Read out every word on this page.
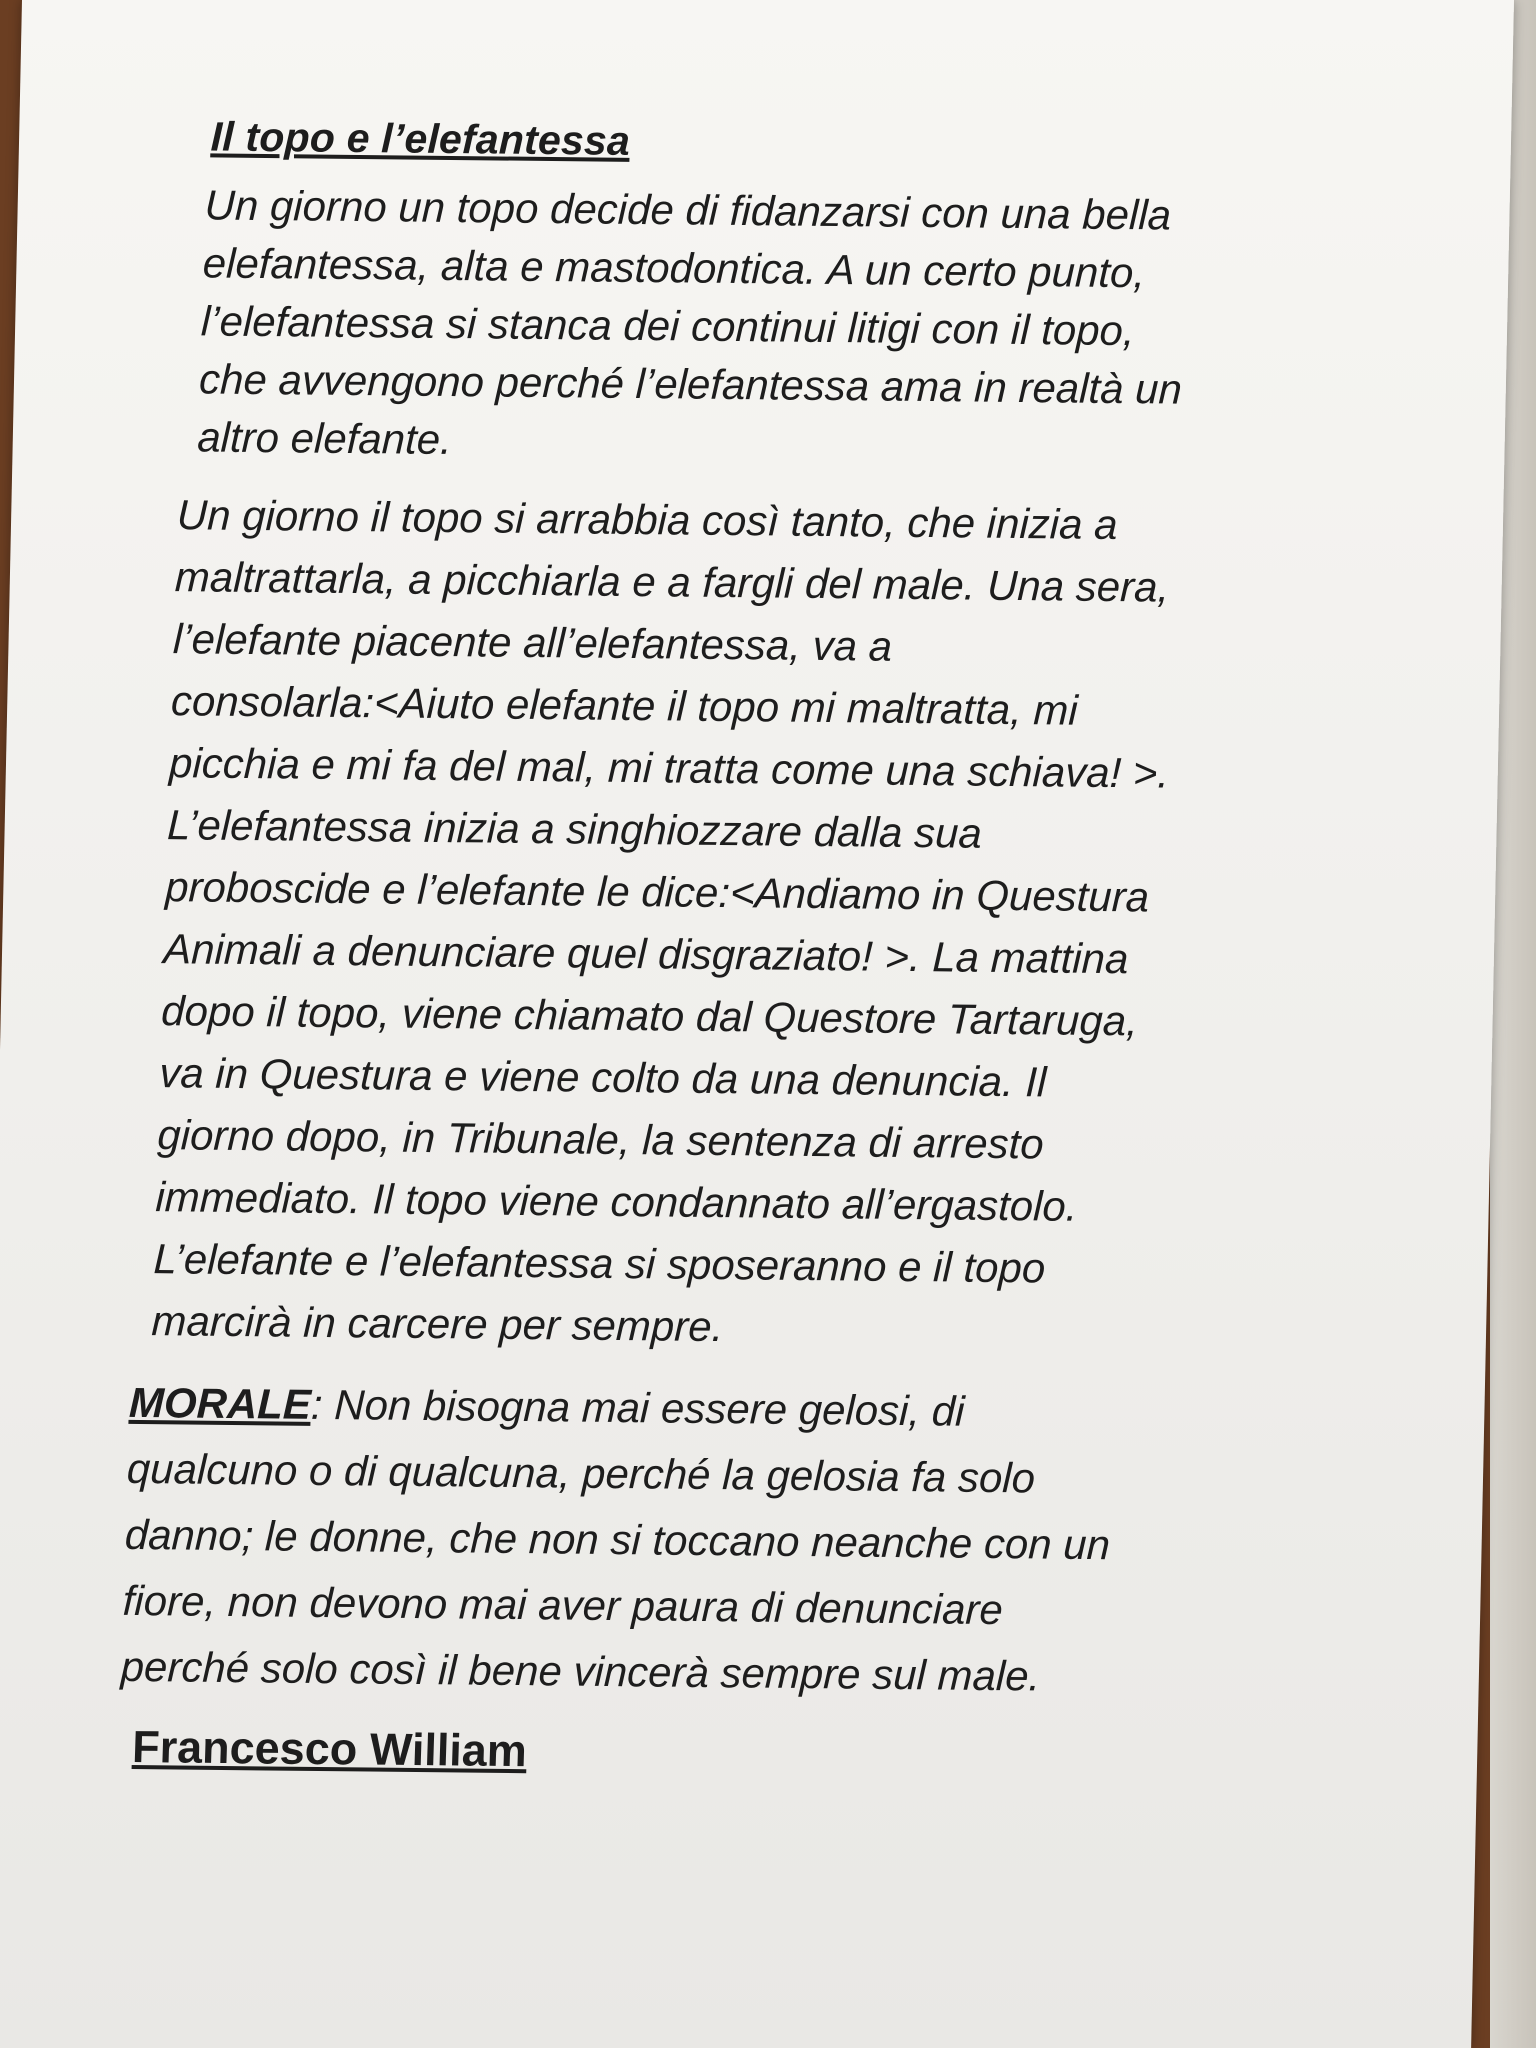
Il topo e l’elefantessa
Un giorno un topo decide di fidanzarsi con una bella
elefantessa, alta e mastodontica. A un certo punto,
l’elefantessa si stanca dei continui litigi con il topo,
che avvengono perché l’elefantessa ama in realtà un
altro elefante.
Un giorno il topo si arrabbia così tanto, che inizia a
maltrattarla, a picchiarla e a fargli del male. Una sera,
l’elefante piacente all’elefantessa, va a
consolarla:<Aiuto elefante il topo mi maltratta, mi
picchia e mi fa del mal, mi tratta come una schiava! >.
L’elefantessa inizia a singhiozzare dalla sua
proboscide e l’elefante le dice:<Andiamo in Questura
Animali a denunciare quel disgraziato! >. La mattina
dopo il topo, viene chiamato dal Questore Tartaruga,
va in Questura e viene colto da una denuncia. Il
giorno dopo, in Tribunale, la sentenza di arresto
immediato. Il topo viene condannato all’ergastolo.
L’elefante e l’elefantessa si sposeranno e il topo
marcirà in carcere per sempre.
MORALE: Non bisogna mai essere gelosi, di
qualcuno o di qualcuna, perché la gelosia fa solo
danno; le donne, che non si toccano neanche con un
fiore, non devono mai aver paura di denunciare
perché solo così il bene vincerà sempre sul male.
Francesco William
